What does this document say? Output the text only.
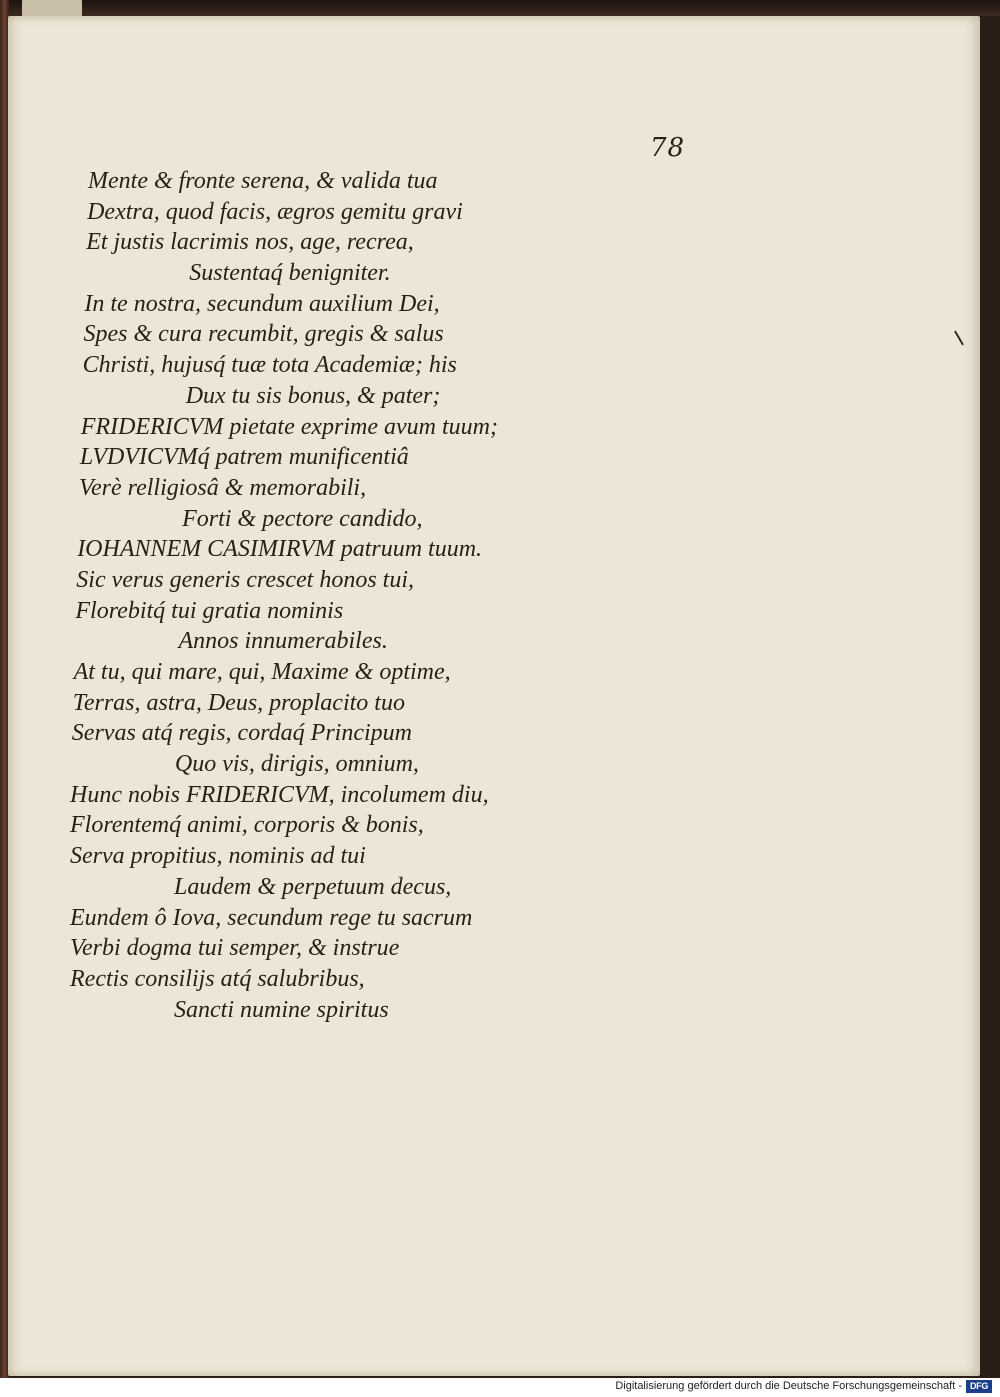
78
Mente & fronte serena, & valida tua
Dextra, quod facis, ægros gemitu gravi
Et justis lacrimis nos, age, recrea,
Sustentaq́ benigniter.
In te nostra, secundum auxilium Dei,
Spes & cura recumbit, gregis & salus
Christi, hujusq́ tuæ tota Academiæ; his
Dux tu sis bonus, & pater;
FRIDERICVM pietate exprime avum tuum;
LVDVICVMq́ patrem munificentiâ
Verè relligiosâ & memorabili,
Forti & pectore candido,
IOHANNEM CASIMIRVM patruum tuum.
Sic verus generis crescet honos tui,
Florebitq́ tui gratia nominis
Annos innumerabiles.
At tu, qui mare, qui, Maxime & optime,
Terras, astra, Deus, proplacito tuo
Servas atq́ regis, cordaq́ Principum
Quo vis, dirigis, omnium,
Hunc nobis FRIDERICVM, incolumem diu,
Florentemq́ animi, corporis & bonis,
Serva propitius, nominis ad tui
Laudem & perpetuum decus,
Eundem ô Iova, secundum rege tu sacrum
Verbi dogma tui semper, & instrue
Rectis consilijs atq́ salubribus,
Sancti numine spiritus
Digitalisierung gefördert durch die Deutsche Forschungsgemeinschaft - DFG
